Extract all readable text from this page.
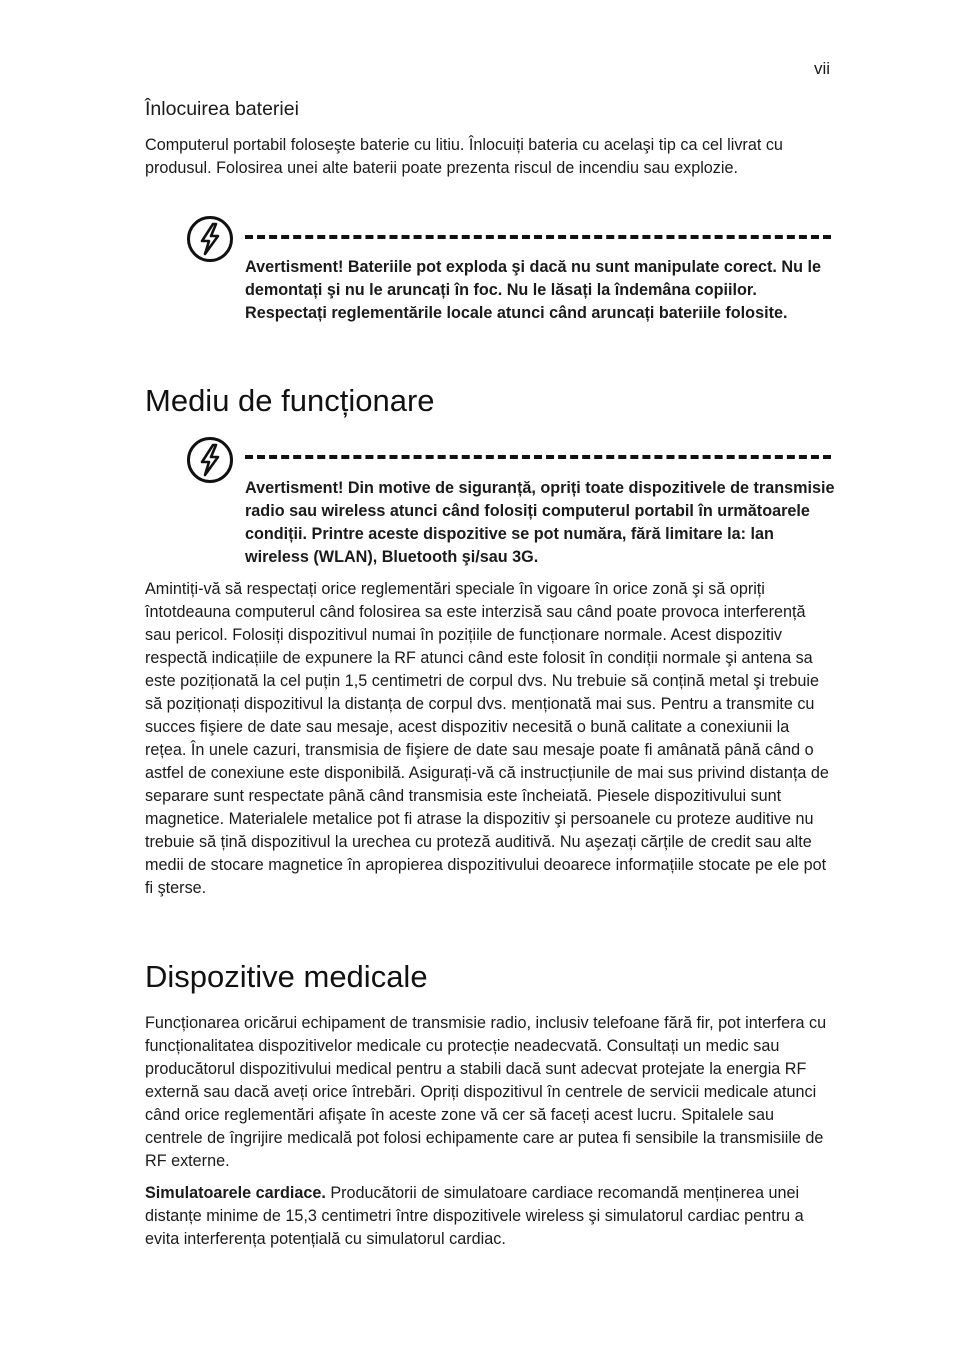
vii
Înlocuirea bateriei

Computerul portabil foloseşte baterie cu litiu. Înlocuiți bateria cu acelaşi tip ca cel livrat cu produsul. Folosirea unei alte baterii poate prezenta riscul de incendiu sau explozie.

Avertisment! Bateriile pot exploda şi dacă nu sunt manipulate corect. Nu le demontați şi nu le aruncați în foc. Nu le lăsați la îndemâna copiilor. Respectați reglementările locale atunci când aruncați bateriile folosite.

Mediu de funcționare

Avertisment! Din motive de siguranță, opriți toate dispozitivele de transmisie radio sau wireless atunci când folosiți computerul portabil în următoarele condiții. Printre aceste dispozitive se pot număra, fără limitare la: lan wireless (WLAN), Bluetooth şi/sau 3G.

Amintiți-vă să respectați orice reglementări speciale în vigoare în orice zonă şi să opriți întotdeauna computerul când folosirea sa este interzisă sau când poate provoca interferență sau pericol. Folosiți dispozitivul numai în pozițiile de funcționare normale. Acest dispozitiv respectă indicațiile de expunere la RF atunci când este folosit în condiții normale şi antena sa este poziționată la cel puțin 1,5 centimetri de corpul dvs. Nu trebuie să conțină metal şi trebuie să poziționați dispozitivul la distanța de corpul dvs. menționată mai sus. Pentru a transmite cu succes fişiere de date sau mesaje, acest dispozitiv necesită o bună calitate a conexiunii la rețea. În unele cazuri, transmisia de fişiere de date sau mesaje poate fi amânată până când o astfel de conexiune este disponibilă. Asigurați-vă că instrucțiunile de mai sus privind distanța de separare sunt respectate până când transmisia este încheiată. Piesele dispozitivului sunt magnetice. Materialele metalice pot fi atrase la dispozitiv şi persoanele cu proteze auditive nu trebuie să țină dispozitivul la urechea cu proteză auditivă. Nu aşezați cărțile de credit sau alte medii de stocare magnetice în apropierea dispozitivului deoarece informațiile stocate pe ele pot fi şterse.

Dispozitive medicale

Funcționarea oricărui echipament de transmisie radio, inclusiv telefoane fără fir, pot interfera cu funcționalitatea dispozitivelor medicale cu protecție neadecvată. Consultați un medic sau producătorul dispozitivului medical pentru a stabili dacă sunt adecvat protejate la energia RF externă sau dacă aveți orice întrebări. Opriți dispozitivul în centrele de servicii medicale atunci când orice reglementări afişate în aceste zone vă cer să faceți acest lucru. Spitalele sau centrele de îngrijire medicală pot folosi echipamente care ar putea fi sensibile la transmisiile de RF externe.

Simulatoarele cardiace. Producătorii de simulatoare cardiace recomandă menținerea unei distanțe minime de 15,3 centimetri între dispozitivele wireless şi simulatorul cardiac pentru a evita interferența potențială cu simulatorul cardiac.
